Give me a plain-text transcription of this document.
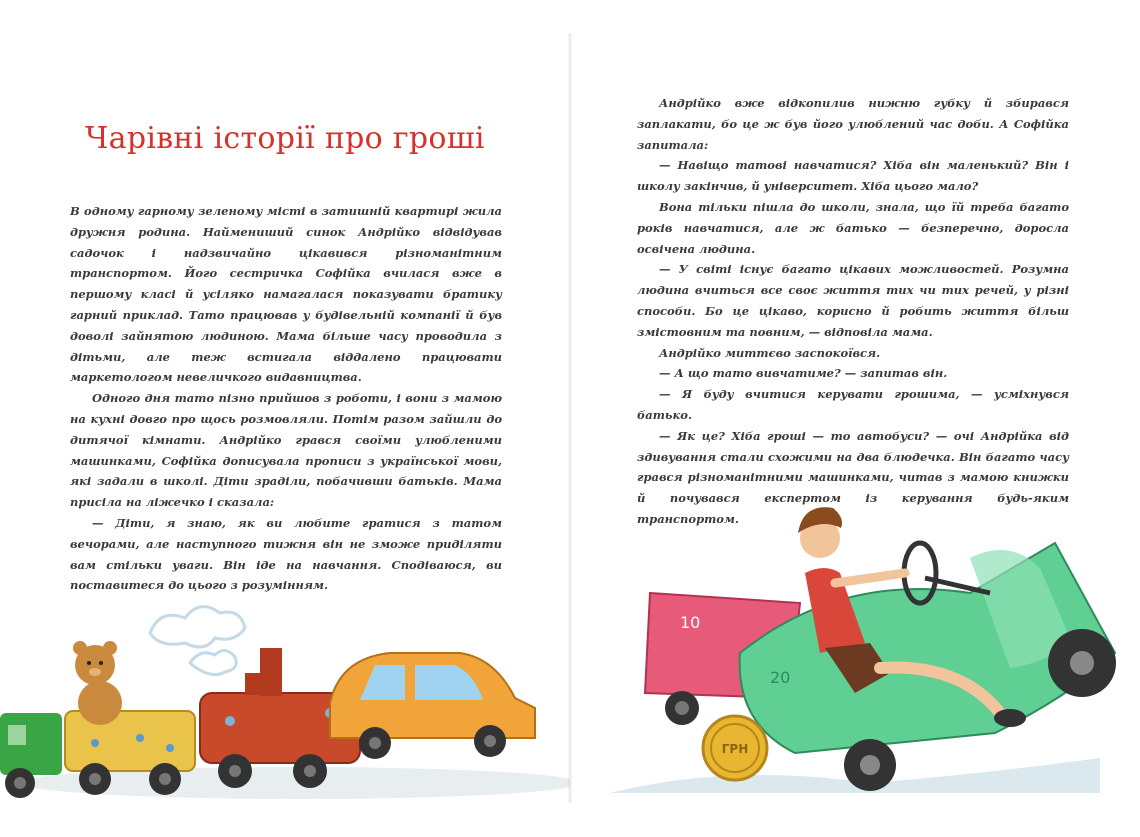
Чарівні історії про гроші

В одному гарному зеленому місті в затишній квартирі жила дружня родина. Наймениший синок Андрійко відвідував садочок і надзвичайно цікавився різноманітним транспортом. Його сестричка Софійка вчилася вже в першому класі й усіляко намагалася показувати братику гарний приклад. Тато працював у будівельній компанії й був доволі зайнятою людиною. Мама більше часу проводила з дітьми, але теж встигала віддалено працювати маркетологом невеличкого видавництва.

Одного дня тато пізно прийшов з роботи, і вони з мамою на кухні довго про щось розмовляли. Потім разом зайшли до дитячої кімнати. Андрійко грався своїми улюбленими машинками, Софійка дописувала прописи з української мови, які задали в школі. Діти зраділи, побачивши батьків. Мама присіла на ліжечко і сказала:

— Діти, я знаю, як ви любите гратися з татом вечорами, але наступного тижня він не зможе приділяти вам стільки уваги. Він іде на навчання. Сподіваюся, ви поставитеся до цього з розумінням.

Андрійко вже відкопилив нижню губку й збирався заплакати, бо це ж був його улюблений час доби. А Софійка запитала:

— Навіщо татові навчатися? Хіба він маленький? Він і школу закінчив, й університет. Хіба цього мало?

Вона тільки пішла до школи, знала, що їй треба багато років навчатися, але ж батько — безперечно, доросла освічена людина.

— У світі існує багато цікавих можливостей. Розумна людина вчиться все своє життя тих чи тих речей, у різні способи. Бо це цікаво, корисно й робить життя більш змістовним та повним, — відповіла мама.

Андрійко миттєво заспокоївся.

— А що тато вивчатиме? — запитав він.

— Я буду вчитися керувати грошима, — усміхнувся батько.

— Як це? Хіба гроші — то автобуси? — очі Андрійка від здивування стали схожими на два блюдечка. Він багато часу грався різноманітними машинками, читав з мамою книжки й почувався експертом із керування будь-яким транспортом.

10
20
ГРН
